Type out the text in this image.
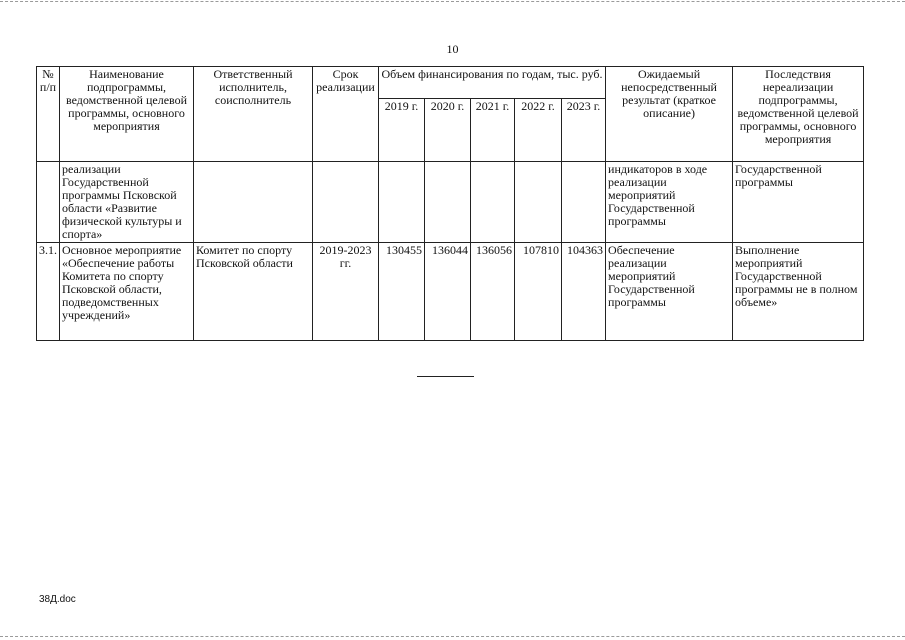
10
№ п/п	Наименование подпрограммы, ведомственной целевой программы, основного мероприятия	Ответственный исполнитель, соисполнитель	Срок реализации	Объем финансирования по годам, тыс. руб.					Ожидаемый непосредственный результат (краткое описание)	Последствия нереализации подпрограммы, ведомственной целевой программы, основного мероприятия
				2019 г.	2020 г.	2021 г.	2022 г.	2023 г.		
	реализации Государственной программы Псковской области «Развитие физической культуры и спорта»								индикаторов в ходе реализации мероприятий Государственной программы	Государственной программы
3.1.	Основное мероприятие «Обеспечение работы Комитета по спорту Псковской области, подведомственных учреждений»	Комитет по спорту Псковской области	2019-2023 гг.	130455	136044	136056	107810	104363	Обеспечение реализации мероприятий Государственной программы	Выполнение мероприятий Государственной программы не в полном объеме»
38Д.doc
